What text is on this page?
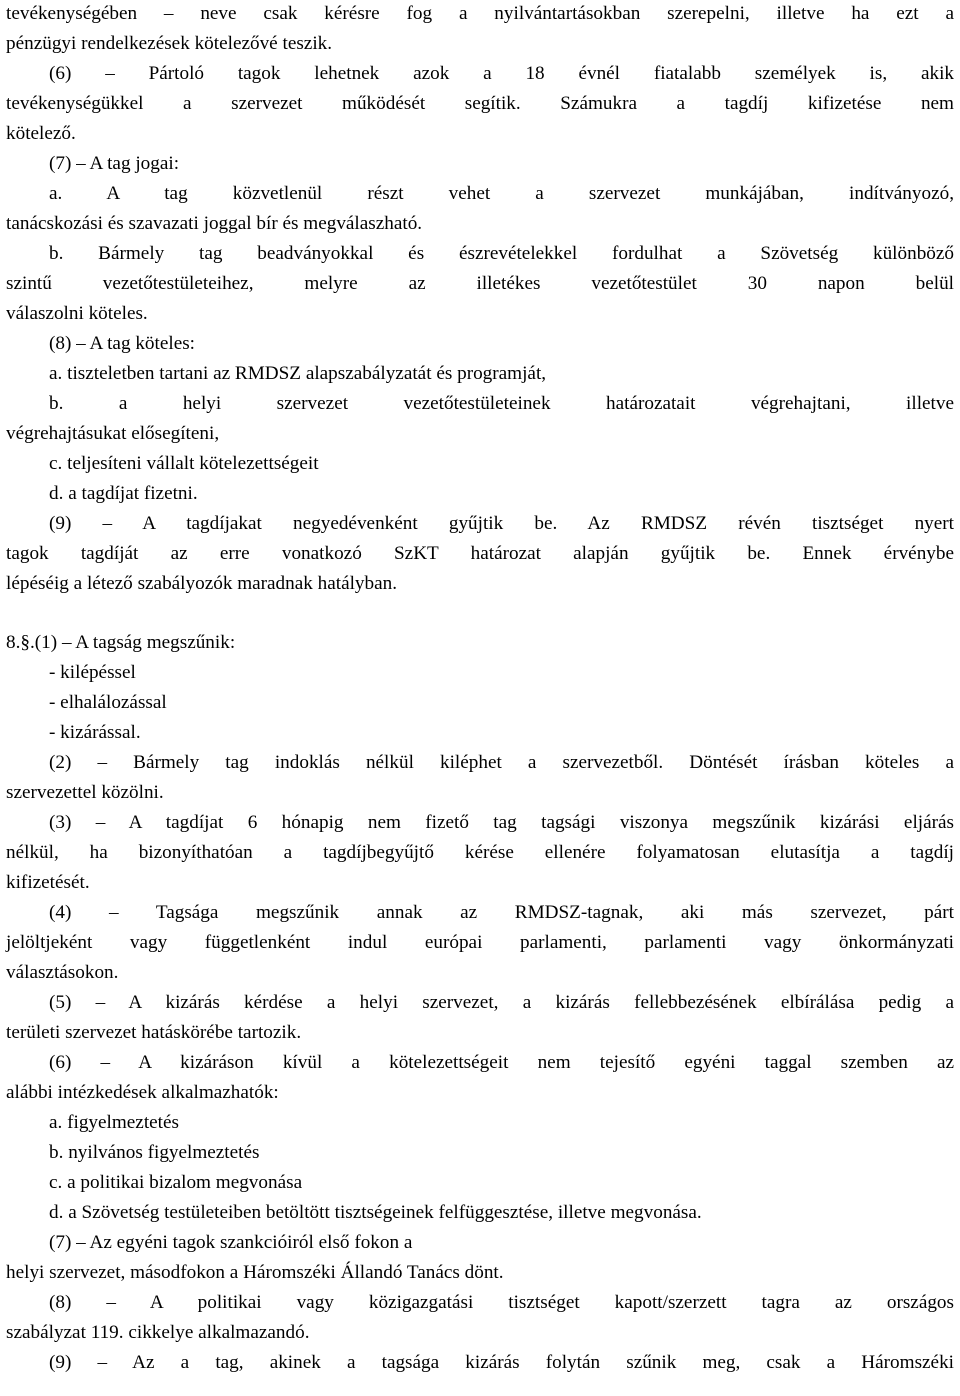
tevékenységében – neve csak kérésre fog a nyilvántartásokban szerepelni, illetve ha ezt a

pénzügyi rendelkezések kötelezővé teszik.

(6) – Pártoló tagok lehetnek azok a 18 évnél fiatalabb személyek is, akik

tevékenységükkel a szervezet működését segítik. Számukra a tagdíj kifizetése nem

kötelező.

(7) – A tag jogai:

a. A tag közvetlenül részt vehet a szervezet munkájában, indítványozó,

tanácskozási és szavazati joggal bír és megválaszható.

b. Bármely tag beadványokkal és észrevételekkel fordulhat a Szövetség különböző

szintű vezetőtestületeihez, melyre az illetékes vezetőtestület 30 napon belül

válaszolni köteles.

(8) – A tag köteles:

a. tiszteletben tartani az RMDSZ alapszabályzatát és programját,

b. a helyi szervezet vezetőtestületeinek határozatait végrehajtani, illetve

végrehajtásukat elősegíteni,

c. teljesíteni vállalt kötelezettségeit

d. a tagdíjat fizetni.

(9) – A tagdíjakat negyedévenként gyűjtik be. Az RMDSZ révén tisztséget nyert

tagok tagdíját az erre vonatkozó SzKT határozat alapján gyűjtik be. Ennek érvénybe

lépéséig a létező szabályozók maradnak hatályban.

8.§.(1) – A tagság megszűnik:

- kilépéssel

- elhalálozással

- kizárással.

(2) – Bármely tag indoklás nélkül kiléphet a szervezetből. Döntését írásban köteles a

szervezettel közölni.

(3) – A tagdíjat 6 hónapig nem fizető tag tagsági viszonya megszűnik kizárási eljárás

nélkül, ha bizonyíthatóan a tagdíjbegyűjtő kérése ellenére folyamatosan elutasítja a tagdíj

kifizetését.

(4) – Tagsága megszűnik annak az RMDSZ-tagnak, aki más szervezet, párt

jelöltjeként vagy függetlenként indul európai parlamenti, parlamenti vagy önkormányzati

választásokon.

(5) – A kizárás kérdése a helyi szervezet, a kizárás fellebbezésének elbírálása pedig a

területi szervezet hatáskörébe tartozik.

(6) – A kizáráson kívül a kötelezettségeit nem tejesítő egyéni taggal szemben az

alábbi intézkedések alkalmazhatók:

a. figyelmeztetés

b. nyilvános figyelmeztetés

c. a politikai bizalom megvonása

d. a Szövetség testületeiben betöltött tisztségeinek felfüggesztése, illetve megvonása.

(7) – Az egyéni tagok szankcióiról első fokon a

helyi szervezet, másodfokon a Háromszéki Állandó Tanács dönt.

(8) – A politikai vagy közigazgatási tisztséget kapott/szerzett tagra az országos

szabályzat 119. cikkelye alkalmazandó.

(9) – Az a tag, akinek a tagsága kizárás folytán szűnik meg, csak a Háromszéki
